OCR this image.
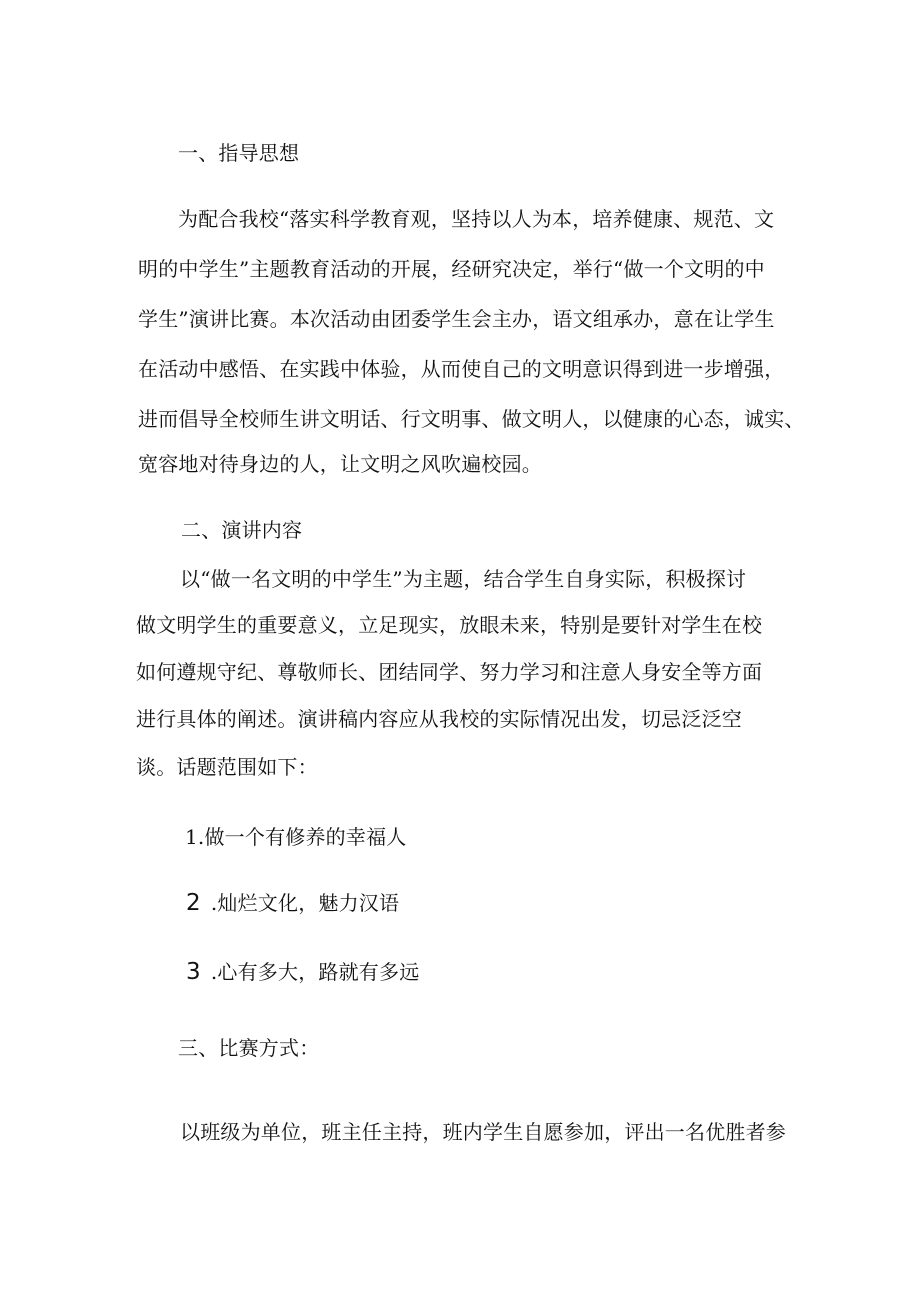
一、指导思想
为配合我校“落实科学教育观，坚持以人为本，培养健康、规范、文
明的中学生”主题教育活动的开展，经研究决定，举行“做一个文明的中
学生”演讲比赛。本次活动由团委学生会主办，语文组承办，意在让学生
在活动中感悟、在实践中体验，从而使自己的文明意识得到进一步增强，
进而倡导全校师生讲文明话、行文明事、做文明人，以健康的心态，诚实、
宽容地对待身边的人，让文明之风吹遍校园。
二、演讲内容
以“做一名文明的中学生”为主题，结合学生自身实际，积极探讨
做文明学生的重要意义，立足现实，放眼未来，特别是要针对学生在校
如何遵规守纪、尊敬师长、团结同学、努力学习和注意人身安全等方面
进行具体的阐述。演讲稿内容应从我校的实际情况出发，切忌泛泛空
谈。话题范围如下：
1.做一个有修养的幸福人
2 .灿烂文化，魅力汉语
3 .心有多大，路就有多远
三、比赛方式：
以班级为单位，班主任主持，班内学生自愿参加，评出一名优胜者参
